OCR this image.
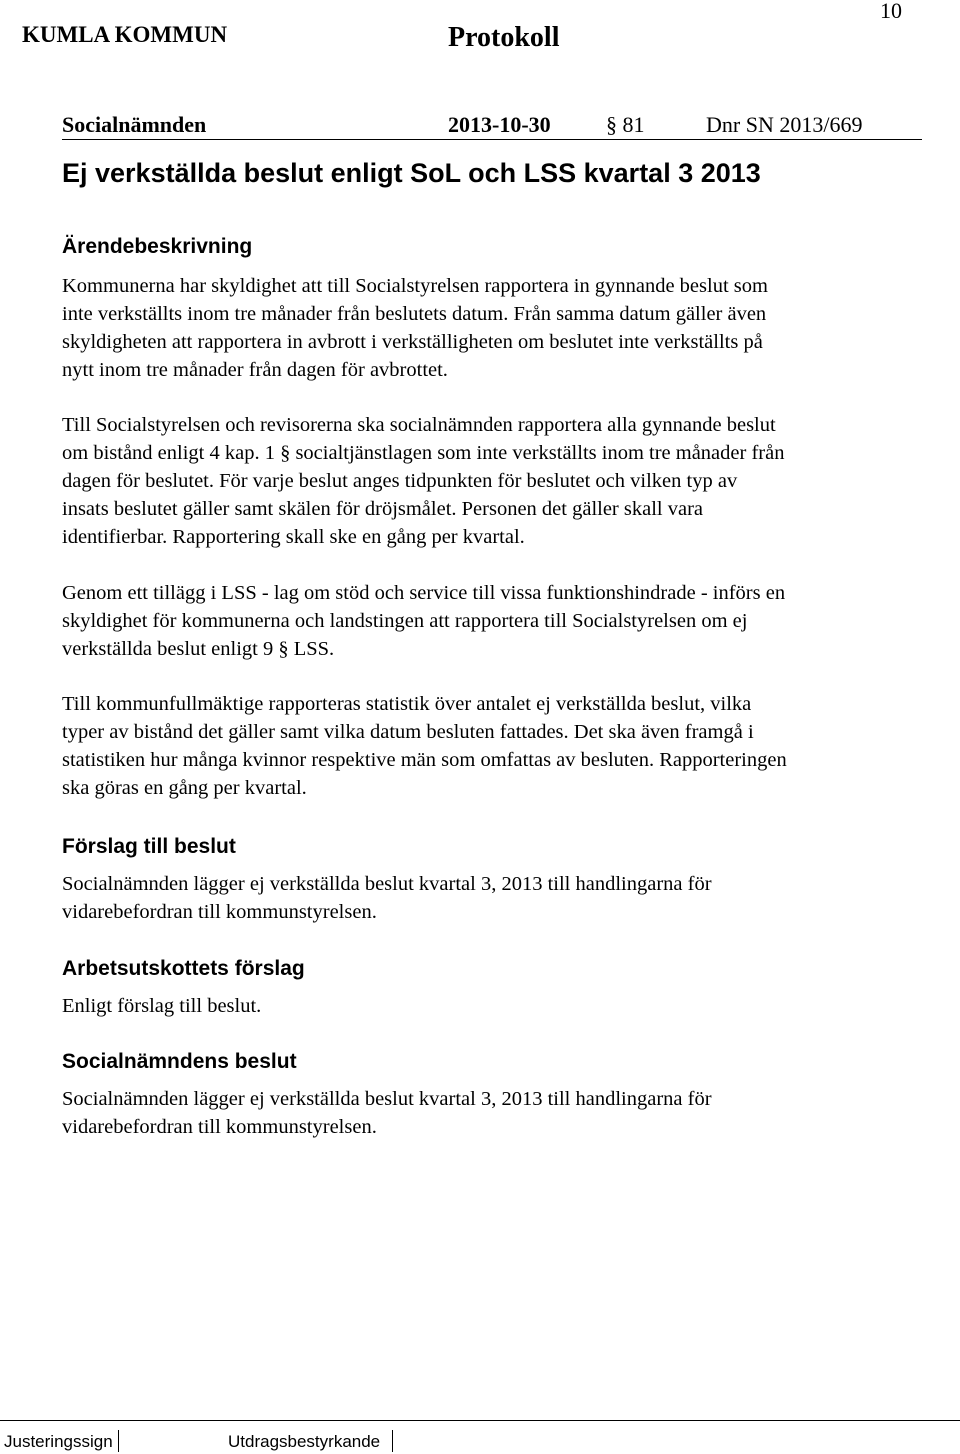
10
KUMLA KOMMUN	Protokoll
Socialnämnden	2013-10-30	§ 81	Dnr SN 2013/669
Ej verkställda beslut enligt SoL och LSS kvartal 3 2013
Ärendebeskrivning

Kommunerna har skyldighet att till Socialstyrelsen rapportera in gynnande beslut som
inte verkställts inom tre månader från beslutets datum. Från samma datum gäller även
skyldigheten att rapportera in avbrott i verkställigheten om beslutet inte verkställts på
nytt inom tre månader från dagen för avbrottet.

Till Socialstyrelsen och revisorerna ska socialnämnden rapportera alla gynnande beslut
om bistånd enligt 4 kap. 1 § socialtjänstlagen som inte verkställts inom tre månader från
dagen för beslutet. För varje beslut anges tidpunkten för beslutet och vilken typ av
insats beslutet gäller samt skälen för dröjsmålet. Personen det gäller skall vara
identifierbar. Rapportering skall ske en gång per kvartal.

Genom ett tillägg i LSS - lag om stöd och service till vissa funktionshindrade - införs en
skyldighet för kommunerna och landstingen att rapportera till Socialstyrelsen om ej
verkställda beslut enligt 9 § LSS.

Till kommunfullmäktige rapporteras statistik över antalet ej verkställda beslut, vilka
typer av bistånd det gäller samt vilka datum besluten fattades. Det ska även framgå i
statistiken hur många kvinnor respektive män som omfattas av besluten. Rapporteringen
ska göras en gång per kvartal.

Förslag till beslut

Socialnämnden lägger ej verkställda beslut kvartal 3, 2013 till handlingarna för
vidarebefordran till kommunstyrelsen.

Arbetsutskottets förslag

Enligt förslag till beslut.

Socialnämndens beslut

Socialnämnden lägger ej verkställda beslut kvartal 3, 2013 till handlingarna för
vidarebefordran till kommunstyrelsen.

Justeringssign	Utdragsbestyrkande
